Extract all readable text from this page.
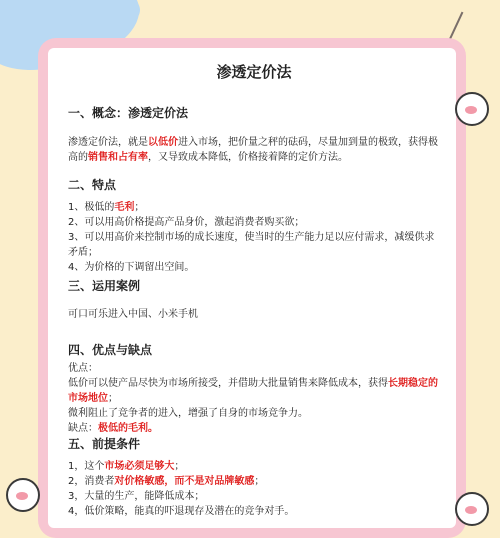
渗透定价法
一、概念：渗透定价法
渗透定价法，就是以低价进入市场，把价量之秤的砝码，尽量加到量的极致，获得极高的销售和占有率，又导致成本降低，价格接着降的定价方法。
二、特点
1、极低的毛利；
2、可以用高价格提高产品身价，激起消费者购买欲；
3、可以用高价来控制市场的成长速度，使当时的生产能力足以应付需求，减缓供求矛盾；
4、为价格的下调留出空间。
三、运用案例
可口可乐进入中国、小米手机
四、优点与缺点
优点：
低价可以使产品尽快为市场所接受，并借助大批量销售来降低成本，获得长期稳定的市场地位；
微利阻止了竞争者的进入，增强了自身的市场竞争力。
缺点：极低的毛利。
五、前提条件
1，这个市场必须足够大；
2，消费者对价格敏感，而不是对品牌敏感；
3，大量的生产，能降低成本；
4，低价策略，能真的吓退现存及潜在的竞争对手。
